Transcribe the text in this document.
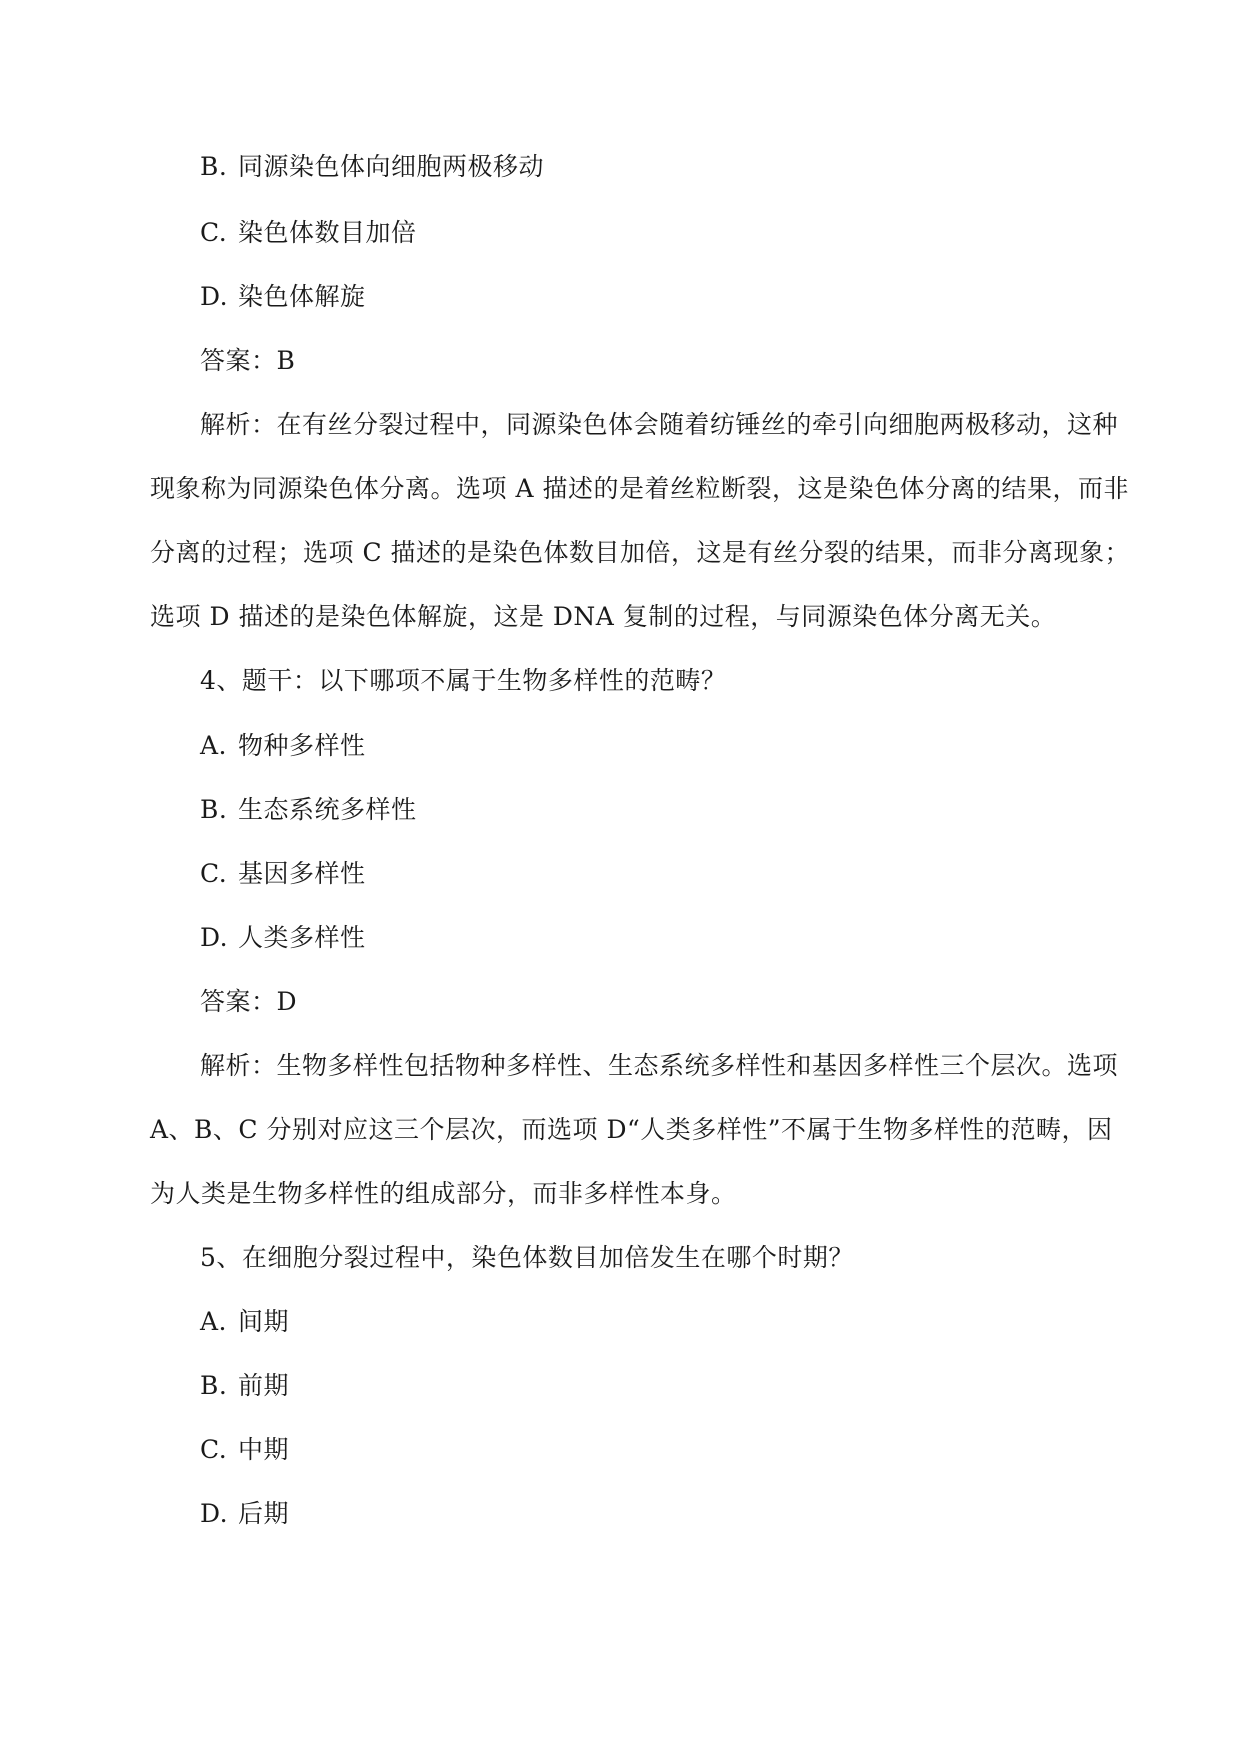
B. 同源染色体向细胞两极移动
C. 染色体数目加倍
D. 染色体解旋
答案：B
解析：在有丝分裂过程中，同源染色体会随着纺锤丝的牵引向细胞两极移动，这种
现象称为同源染色体分离。选项 A 描述的是着丝粒断裂，这是染色体分离的结果，而非
分离的过程；选项 C 描述的是染色体数目加倍，这是有丝分裂的结果，而非分离现象；
选项 D 描述的是染色体解旋，这是 DNA 复制的过程，与同源染色体分离无关。
4、题干：以下哪项不属于生物多样性的范畴？
A. 物种多样性
B. 生态系统多样性
C. 基因多样性
D. 人类多样性
答案：D
解析：生物多样性包括物种多样性、生态系统多样性和基因多样性三个层次。选项
A、B、C 分别对应这三个层次，而选项 D“人类多样性”不属于生物多样性的范畴，因
为人类是生物多样性的组成部分，而非多样性本身。
5、在细胞分裂过程中，染色体数目加倍发生在哪个时期？
A. 间期
B. 前期
C. 中期
D. 后期
